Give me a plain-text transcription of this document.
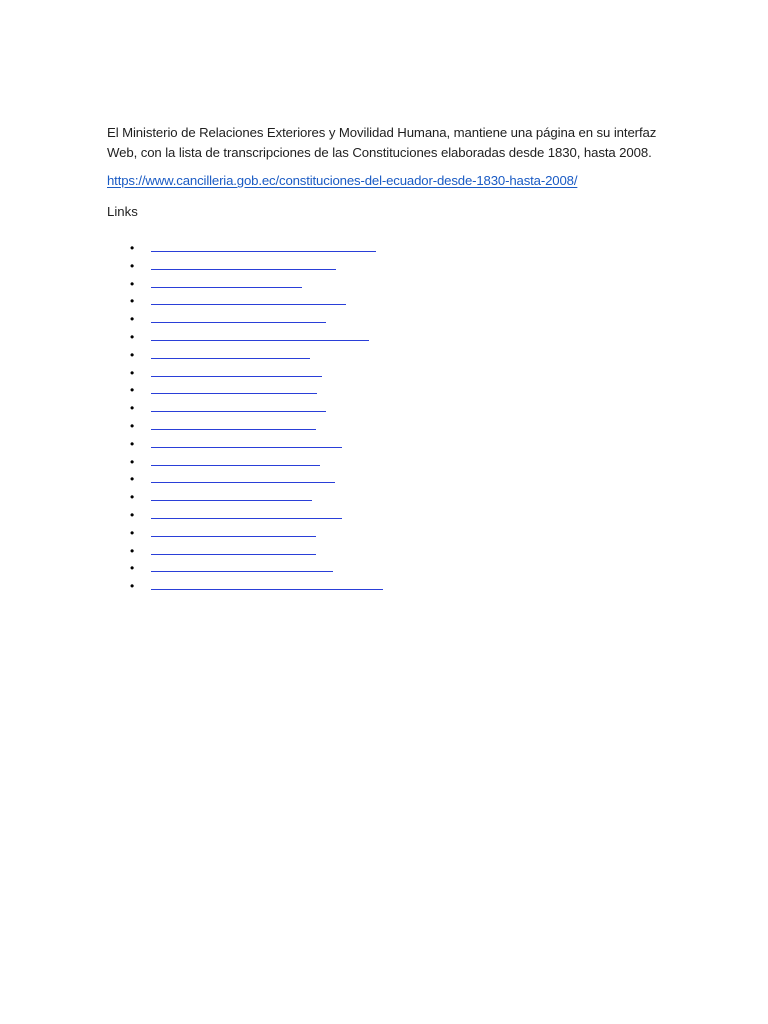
El Ministerio de Relaciones Exteriores y Movilidad Humana, mantiene una página en su interfaz Web, con la lista de transcripciones de las Constituciones elaboradas desde 1830, hasta 2008.

https://www.cancilleria.gob.ec/constituciones-del-ecuador-desde-1830-hasta-2008/
Links
•
•
•
•
•
•
•
•
•
•
•
•
•
•
•
•
•
•
•
•
